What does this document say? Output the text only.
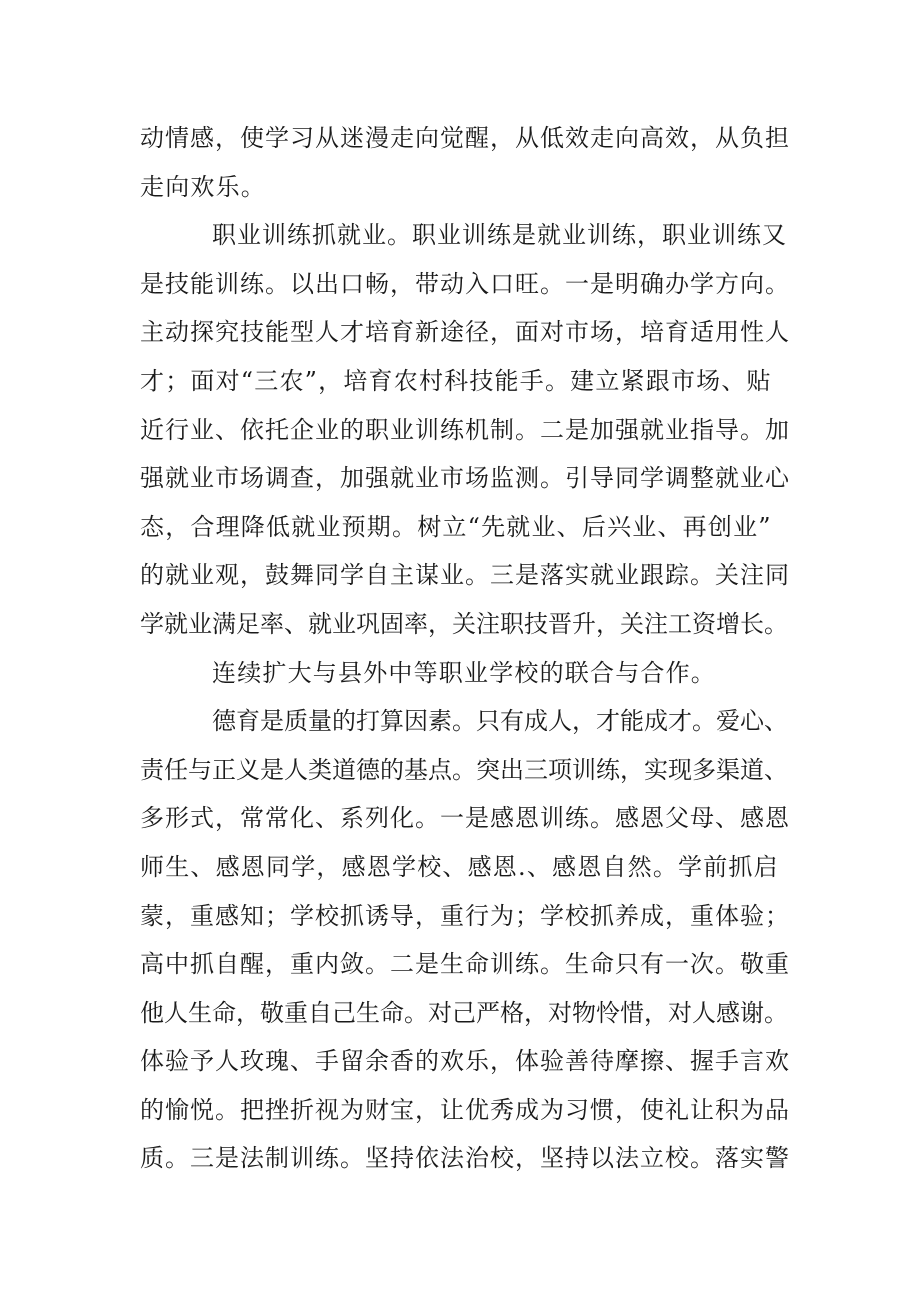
动情感，使学习从迷漫走向觉醒，从低效走向高效，从负担
走向欢乐。
职业训练抓就业。职业训练是就业训练，职业训练又
是技能训练。以出口畅，带动入口旺。一是明确办学方向。
主动探究技能型人才培育新途径，面对市场，培育适用性人
才；面对“三农”，培育农村科技能手。建立紧跟市场、贴
近行业、依托企业的职业训练机制。二是加强就业指导。加
强就业市场调查，加强就业市场监测。引导同学调整就业心
态，合理降低就业预期。树立“先就业、后兴业、再创业”
的就业观，鼓舞同学自主谋业。三是落实就业跟踪。关注同
学就业满足率、就业巩固率，关注职技晋升，关注工资增长。
连续扩大与县外中等职业学校的联合与合作。
德育是质量的打算因素。只有成人，才能成才。爱心、
责任与正义是人类道德的基点。突出三项训练，实现多渠道、
多形式，常常化、系列化。一是感恩训练。感恩父母、感恩
师生、感恩同学，感恩学校、感恩.、感恩自然。学前抓启
蒙，重感知；学校抓诱导，重行为；学校抓养成，重体验；
高中抓自醒，重内敛。二是生命训练。生命只有一次。敬重
他人生命，敬重自己生命。对己严格，对物怜惜，对人感谢。
体验予人玫瑰、手留余香的欢乐，体验善待摩擦、握手言欢
的愉悦。把挫折视为财宝，让优秀成为习惯，使礼让积为品
质。三是法制训练。坚持依法治校，坚持以法立校。落实警
